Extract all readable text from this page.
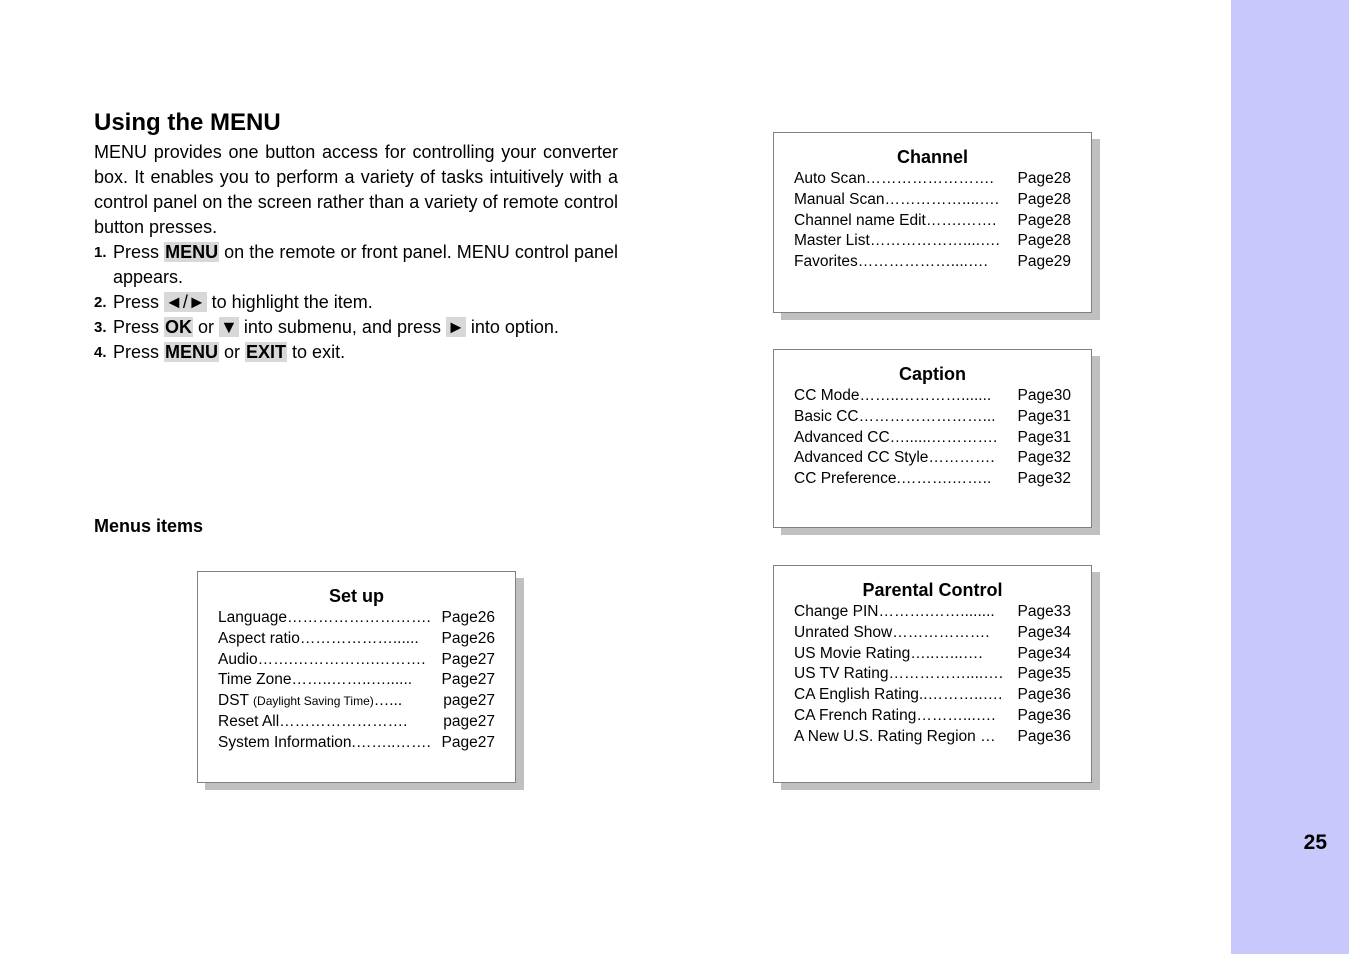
25
Using the MENU

MENU provides one button access for controlling your converter box. It enables you to perform a variety of tasks intuitively with a control panel on the screen rather than a variety of remote control button presses.

1. Press MENU on the remote or front panel. MENU control panel appears.
2. Press ◄/► to highlight the item.
3. Press OK or ▼ into submenu, and press ► into option.
4. Press MENU or EXIT to exit.
Menus items
Set up
Language………………………. Page26
Aspect ratio………………...... Page26
Audio…….…………….………. Page27
Time Zone……..……..…...... Page27
DST (Daylight Saving Time)…...	page27
Reset All……………………. page27
System Information.……..……. Page27
Channel
Auto Scan……………………. Page28
Manual Scan……………....…. Page28
Channel name Edit…….……. Page28
Master List………………....…. Page28
Favorites………………....…. Page29
Caption
CC Mode……..…………....... Page30
Basic CC……………………... Page31
Advanced CC…......…………. Page31
Advanced CC Style…………. Page32
CC Preference.……….…….. Page32
Parental Control
Change PIN……….……........ Page33
Unrated Show………………. Page34
US Movie Rating…..…...…. Page34
US TV Rating……………....…. Page35
CA English Rating..………..…. Page36
CA French Rating………...…. Page36
A New U.S. Rating Region … Page36
